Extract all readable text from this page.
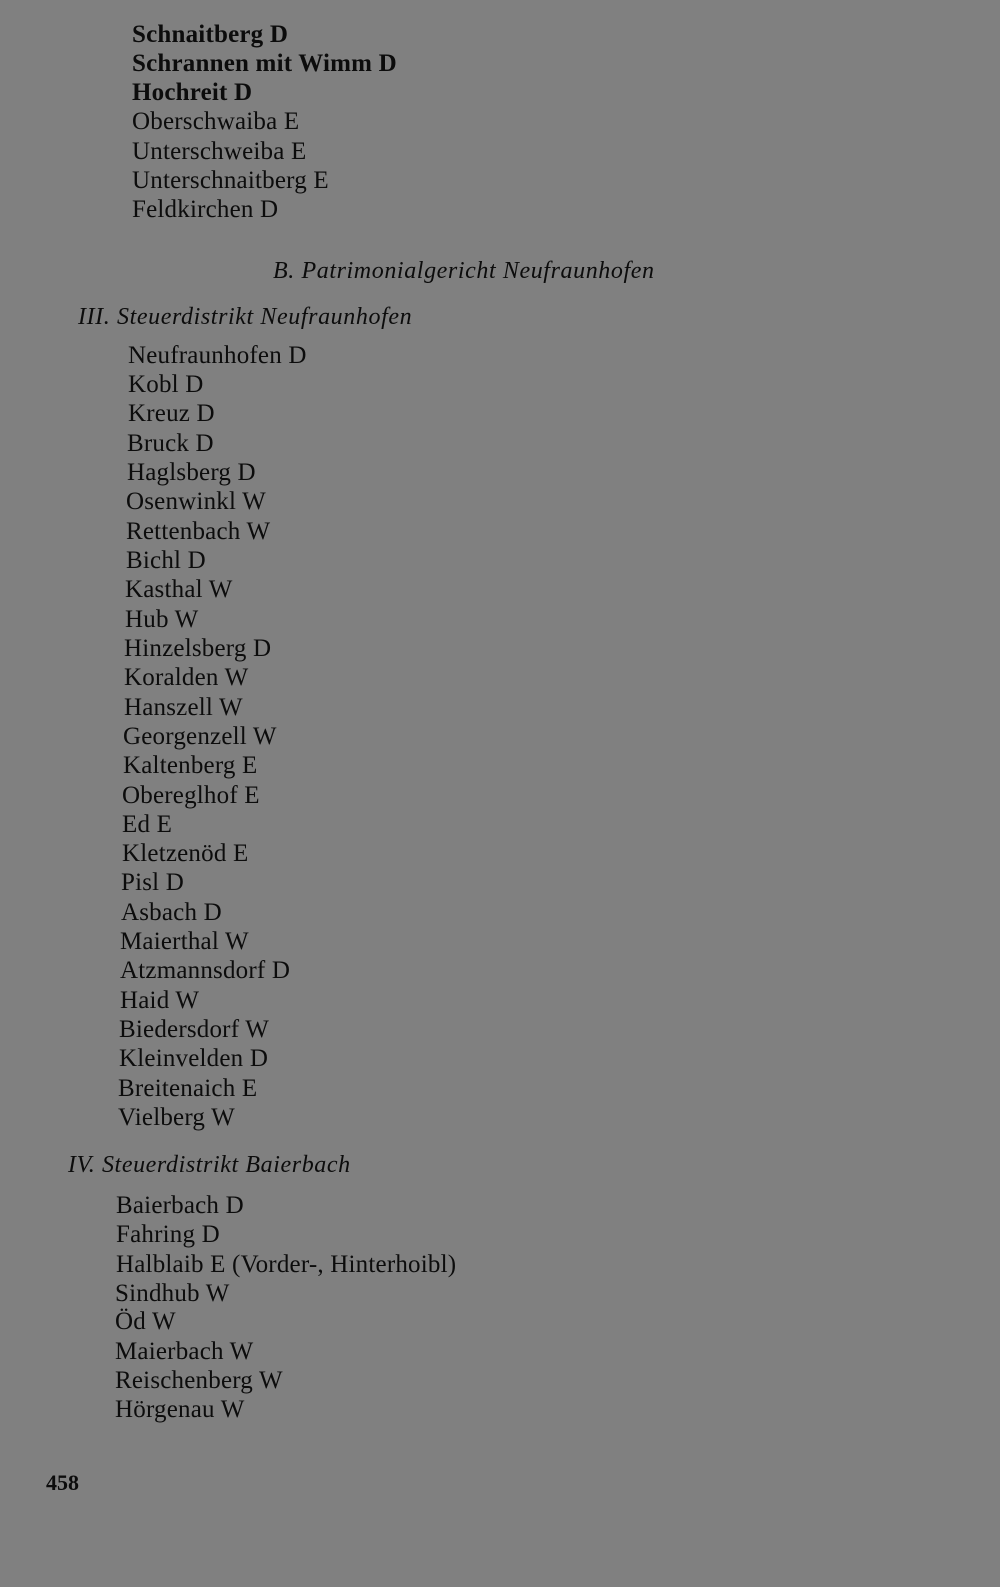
Schnaitberg D
Schrannen mit Wimm D
Hochreit D
Oberschwaiba E
Unterschweiba E
Unterschnaitberg E
Feldkirchen D
B. Patrimonialgericht Neufraunhofen
III. Steuerdistrikt Neufraunhofen
Neufraunhofen D
Kobl D
Kreuz D
Bruck D
Haglsberg D
Osenwinkl W
Rettenbach W
Bichl D
Kasthal W
Hub W
Hinzelsberg D
Koralden W
Hanszell W
Georgenzell W
Kaltenberg E
Obereglhof E
Ed E
Kletzenöd E
Pisl D
Asbach D
Maierthal W
Atzmannsdorf D
Haid W
Biedersdorf W
Kleinvelden D
Breitenaich E
Vielberg W
IV. Steuerdistrikt Baierbach
Baierbach D
Fahring D
Halblaib E (Vorder-, Hinterhoibl)
Sindhub W
Öd W
Maierbach W
Reischenberg W
Hörgenau W
458
